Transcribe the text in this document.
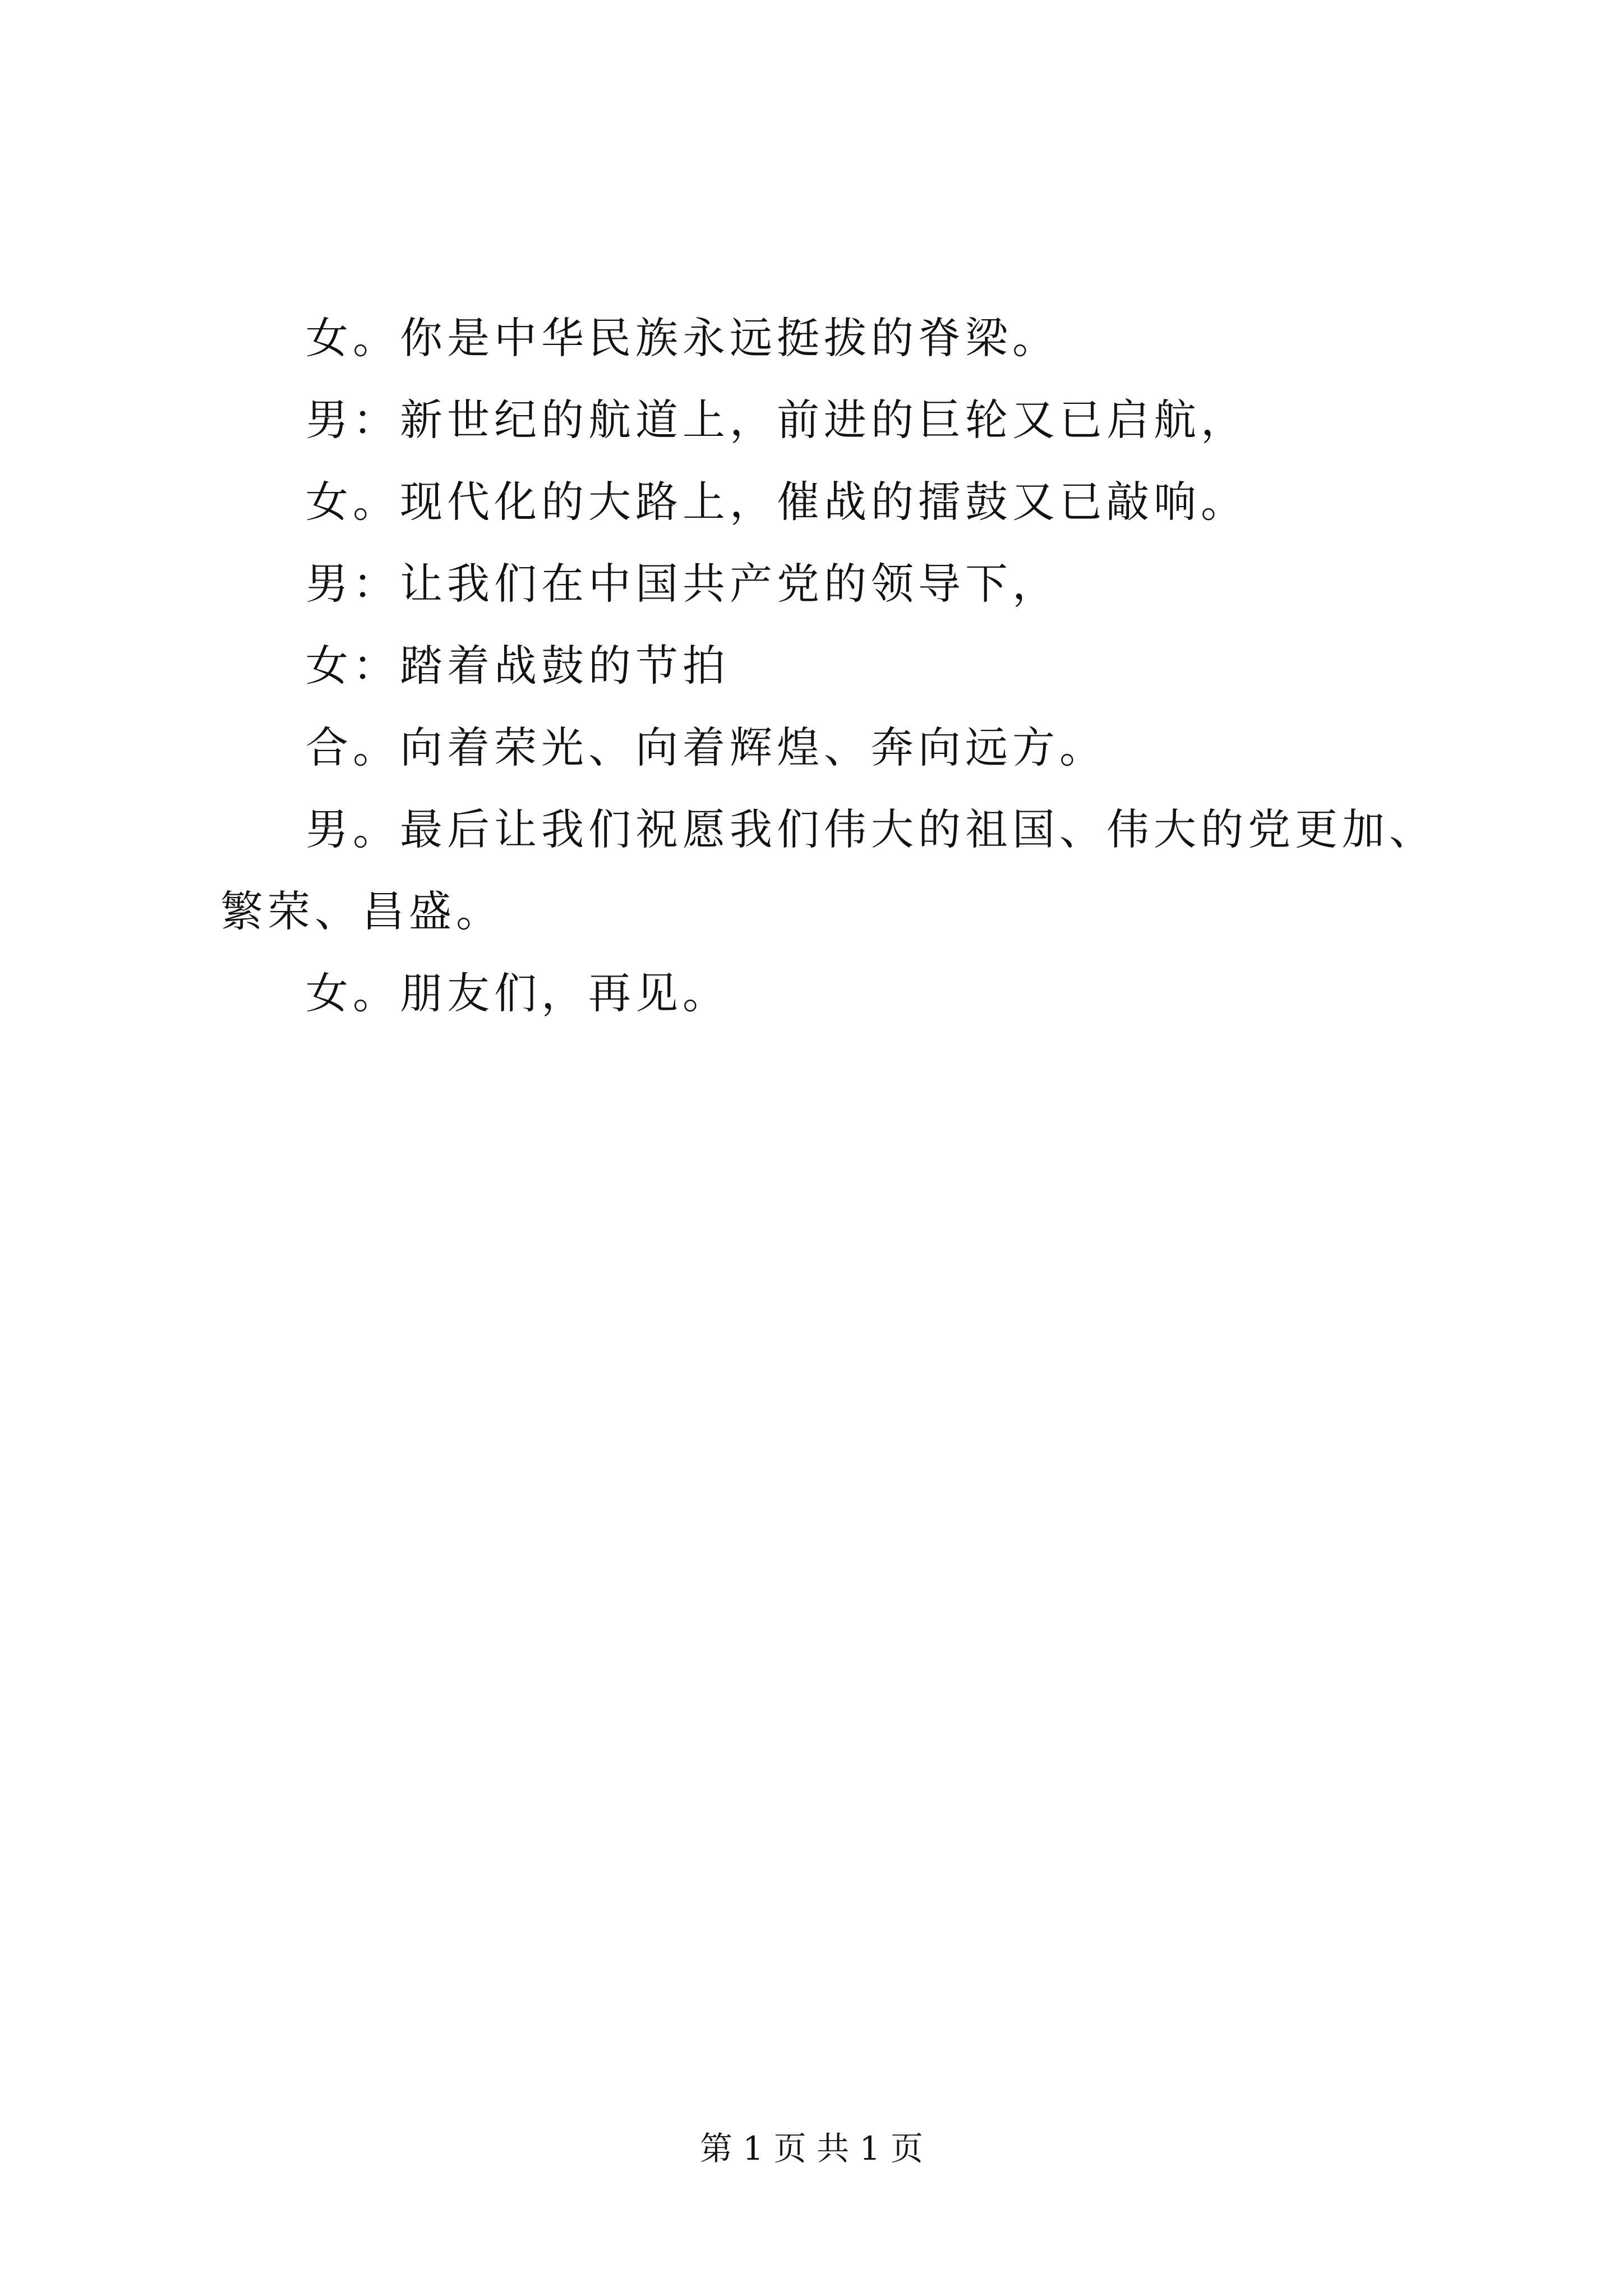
女。你是中华民族永远挺拔的脊梁。

男：新世纪的航道上，前进的巨轮又已启航，

女。现代化的大路上，催战的擂鼓又已敲响。

男：让我们在中国共产党的领导下，

女：踏着战鼓的节拍

合。向着荣光、向着辉煌、奔向远方。

男。最后让我们祝愿我们伟大的祖国、伟大的党更加、繁荣、昌盛。

女。朋友们，再见。

第 1 页 共 1 页
